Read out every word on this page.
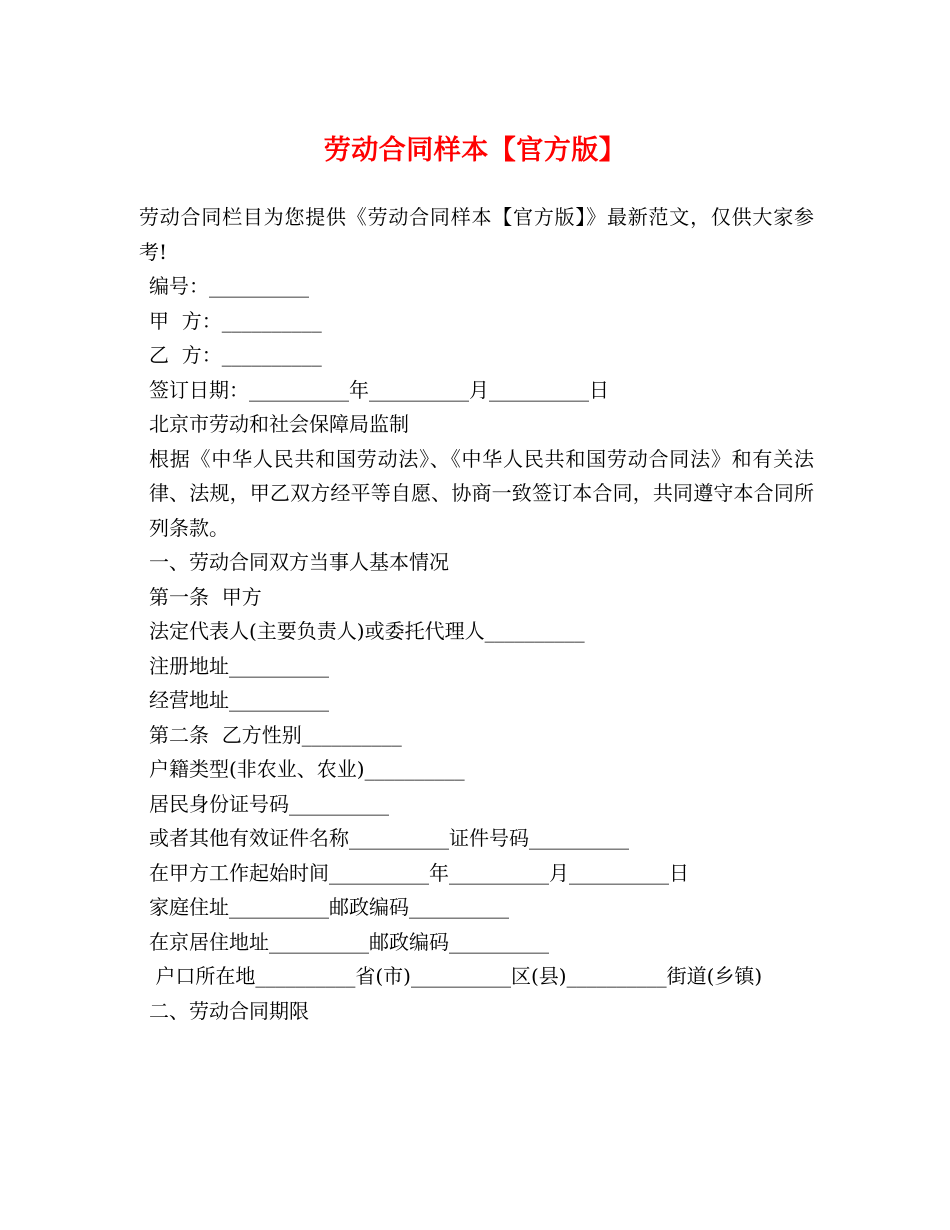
劳动合同样本【官方版】

劳动合同栏目为您提供《劳动合同样本【官方版】》最新范文，仅供大家参考!

编号：__________

甲  方：__________

乙  方：__________

签订日期：__________年__________月__________日

北京市劳动和社会保障局监制

根据《中华人民共和国劳动法》、《中华人民共和国劳动合同法》和有关法律、法规，甲乙双方经平等自愿、协商一致签订本合同，共同遵守本合同所列条款。

一、劳动合同双方当事人基本情况

第一条  甲方

法定代表人(主要负责人)或委托代理人__________

注册地址__________

经营地址__________

第二条  乙方性别__________

户籍类型(非农业、农业)__________

居民身份证号码__________

或者其他有效证件名称__________证件号码__________

在甲方工作起始时间__________年__________月__________日

家庭住址__________邮政编码__________

在京居住地址__________邮政编码__________

户口所在地__________省(市)__________区(县)__________街道(乡镇)

二、劳动合同期限
